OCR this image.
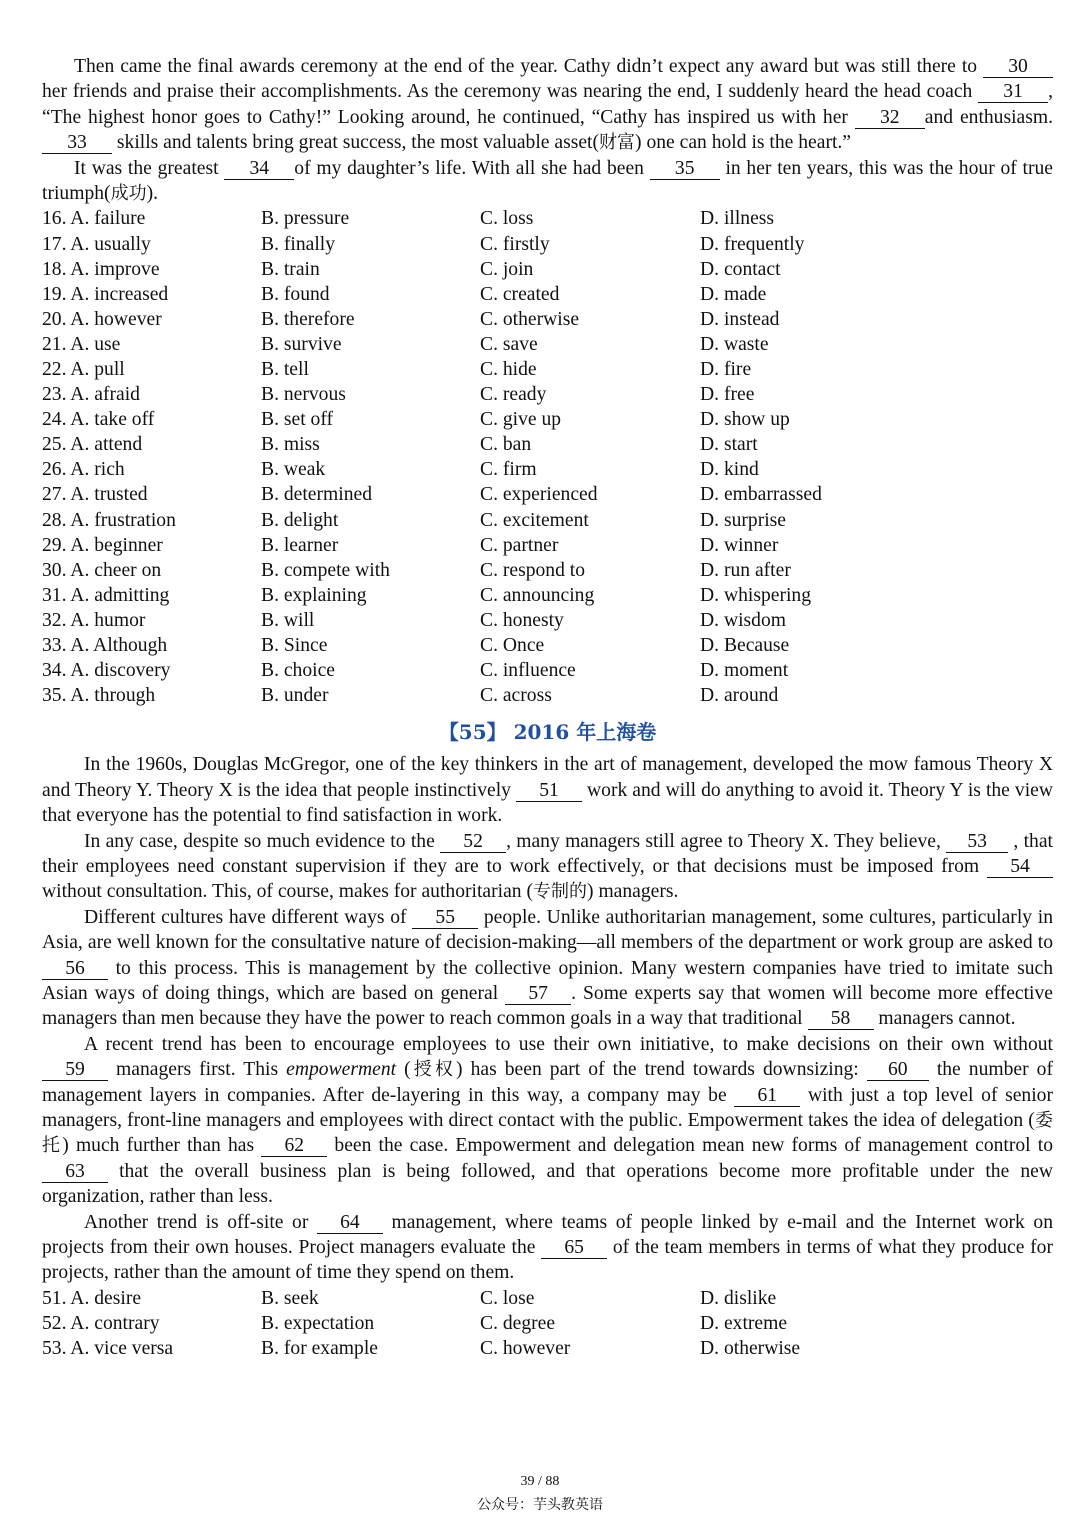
Then came the final awards ceremony at the end of the year. Cathy didn’t expect any award but was still there to 30 her friends and praise their accomplishments. As the ceremony was nearing the end, I suddenly heard the head coach 31 , “The highest honor goes to Cathy!” Looking around, he continued, “Cathy has inspired us with her 32 and enthusiasm. 33 skills and talents bring great success, the most valuable asset(财富) one can hold is the heart.”

It was the greatest 34 of my daughter’s life. With all she had been 35 in her ten years, this was the hour of true triumph(成功).

16. A. failure	B. pressure	C. loss	D. illness
17. A. usually	B. finally	C. firstly	D. frequently
18. A. improve	B. train	C. join	D. contact
19. A. increased	B. found	C. created	D. made
20. A. however	B. therefore	C. otherwise	D. instead
21. A. use	B. survive	C. save	D. waste
22. A. pull	B. tell	C. hide	D. fire
23. A. afraid	B. nervous	C. ready	D. free
24. A. take off	B. set off	C. give up	D. show up
25. A. attend	B. miss	C. ban	D. start
26. A. rich	B. weak	C. firm	D. kind
27. A. trusted	B. determined	C. experienced	D. embarrassed
28. A. frustration	B. delight	C. excitement	D. surprise
29. A. beginner	B. learner	C. partner	D. winner
30. A. cheer on	B. compete with	C. respond to	D. run after
31. A. admitting	B. explaining	C. announcing	D. whispering
32. A. humor	B. will	C. honesty	D. wisdom
33. A. Although	B. Since	C. Once	D. Because
34. A. discovery	B. choice	C. influence	D. moment
35. A. through	B. under	C. across	D. around
【55】 2016 年上海卷

In the 1960s, Douglas McGregor, one of the key thinkers in the art of management, developed the mow famous Theory X and Theory Y. Theory X is the idea that people instinctively 51 work and will do anything to avoid it. Theory Y is the view that everyone has the potential to find satisfaction in work.

In any case, despite so much evidence to the 52 , many managers still agree to Theory X. They believe, 53 , that their employees need constant supervision if they are to work effectively, or that decisions must be imposed from 54 without consultation. This, of course, makes for authoritarian (专制的) managers.

Different cultures have different ways of 55 people. Unlike authoritarian management, some cultures, particularly in Asia, are well known for the consultative nature of decision-making—all members of the department or work group are asked to 56 to this process. This is management by the collective opinion. Many western companies have tried to imitate such Asian ways of doing things, which are based on general 57 . Some experts say that women will become more effective managers than men because they have the power to reach common goals in a way that traditional 58 managers cannot.

A recent trend has been to encourage employees to use their own initiative, to make decisions on their own without 59 managers first. This empowerment (授权) has been part of the trend towards downsizing: 60 the number of management layers in companies. After de-layering in this way, a company may be 61 with just a top level of senior managers, front-line managers and employees with direct contact with the public. Empowerment takes the idea of delegation (委托) much further than has 62 been the case. Empowerment and delegation mean new forms of management control to 63 that the overall business plan is being followed, and that operations become more profitable under the new organization, rather than less.

Another trend is off-site or 64 management, where teams of people linked by e-mail and the Internet work on projects from their own houses. Project managers evaluate the 65 of the team members in terms of what they produce for projects, rather than the amount of time they spend on them.

51. A. desire	B. seek	C. lose	D. dislike
52. A. contrary	B. expectation	C. degree	D. extreme
53. A. vice versa	B. for example	C. however	D. otherwise
39 / 88
公众号：芋头教英语
